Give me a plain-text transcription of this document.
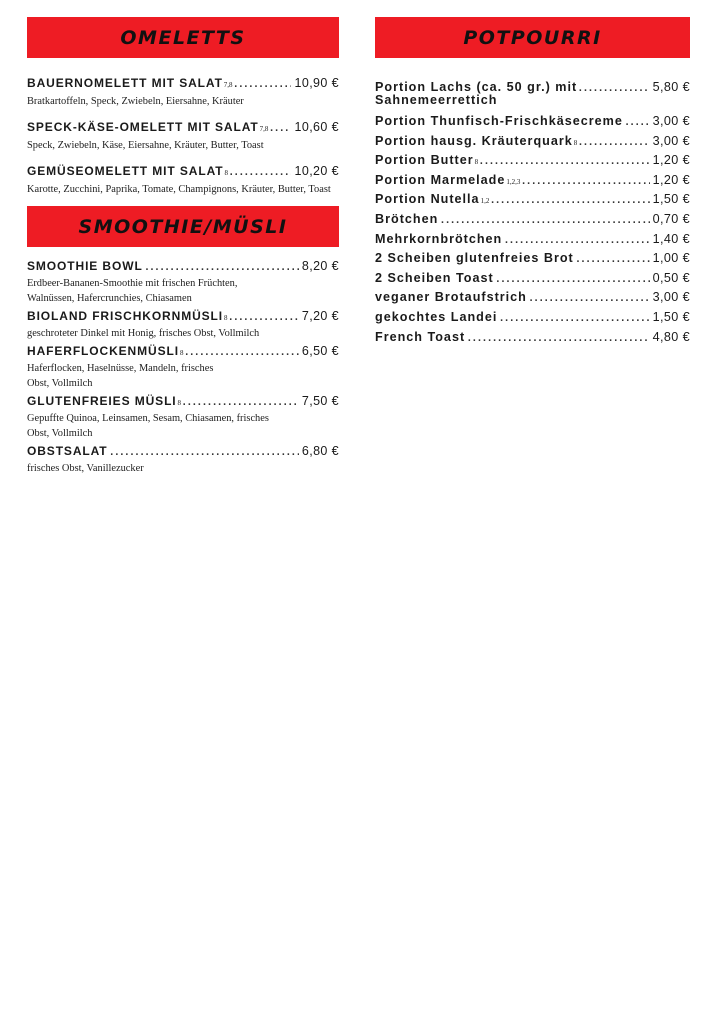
OMELETTS
BAUERNOMELETT MIT SALAT 7,8 .....	10,90 €
Bratkartoffeln, Speck, Zwiebeln, Eiersahne, Kräuter
SPECK-KÄSE-OMELETT MIT SALAT 7,8 ..... 10,60 €
Speck, Zwiebeln, Käse, Eiersahne, Kräuter, Butter, Toast
GEMÜSEOMELETT MIT SALAT 8 .....	10,20 €
Karotte, Zucchini, Paprika, Tomate, Champignons, Kräuter, Butter, Toast
SMOOTHIE/MÜSLI
SMOOTHIE BOWL .....	8,20 €
Erdbeer-Bananen-Smoothie mit frischen Früchten, Walnüssen, Hafercrunchies, Chiasamen
BIOLAND FRISCHKORNMÜSLI 8 .....	7,20 €
geschroteter Dinkel mit Honig, frisches Obst, Vollmilch
HAFERFLOCKENMÜSLI 8 .....	6,50 €
Haferflocken, Haselnüsse, Mandeln, frisches Obst, Vollmilch
GLUTENFREIES MÜSLI 8 .....	7,50 €
Gepuffte Quinoa, Leinsamen, Sesam, Chiasamen, frisches Obst, Vollmilch
OBSTSALAT .....	6,80 €
frisches Obst, Vanillezucker
POTPOURRI
Portion Lachs (ca. 50 gr.) mit .....	5,80 €
Sahnemeerrettich
Portion Thunfisch-Frischkäsecreme ..... 3,00 €
Portion hausg. Kräuterquark 8 .....	3,00 €
Portion Butter 8 .....	1,20 €
Portion Marmelade 1,2,3 .....	1,20 €
Portion Nutella 1,2 .....	1,50 €
Brötchen .....	0,70 €
Mehrkornbrötchen .....	1,40 €
2 Scheiben glutenfreies Brot .....	1,00 €
2 Scheiben Toast .....	0,50 €
veganer Brotaufstrich .....	3,00 €
gekochtes Landei .....	1,50 €
French Toast .....	4,80 €
